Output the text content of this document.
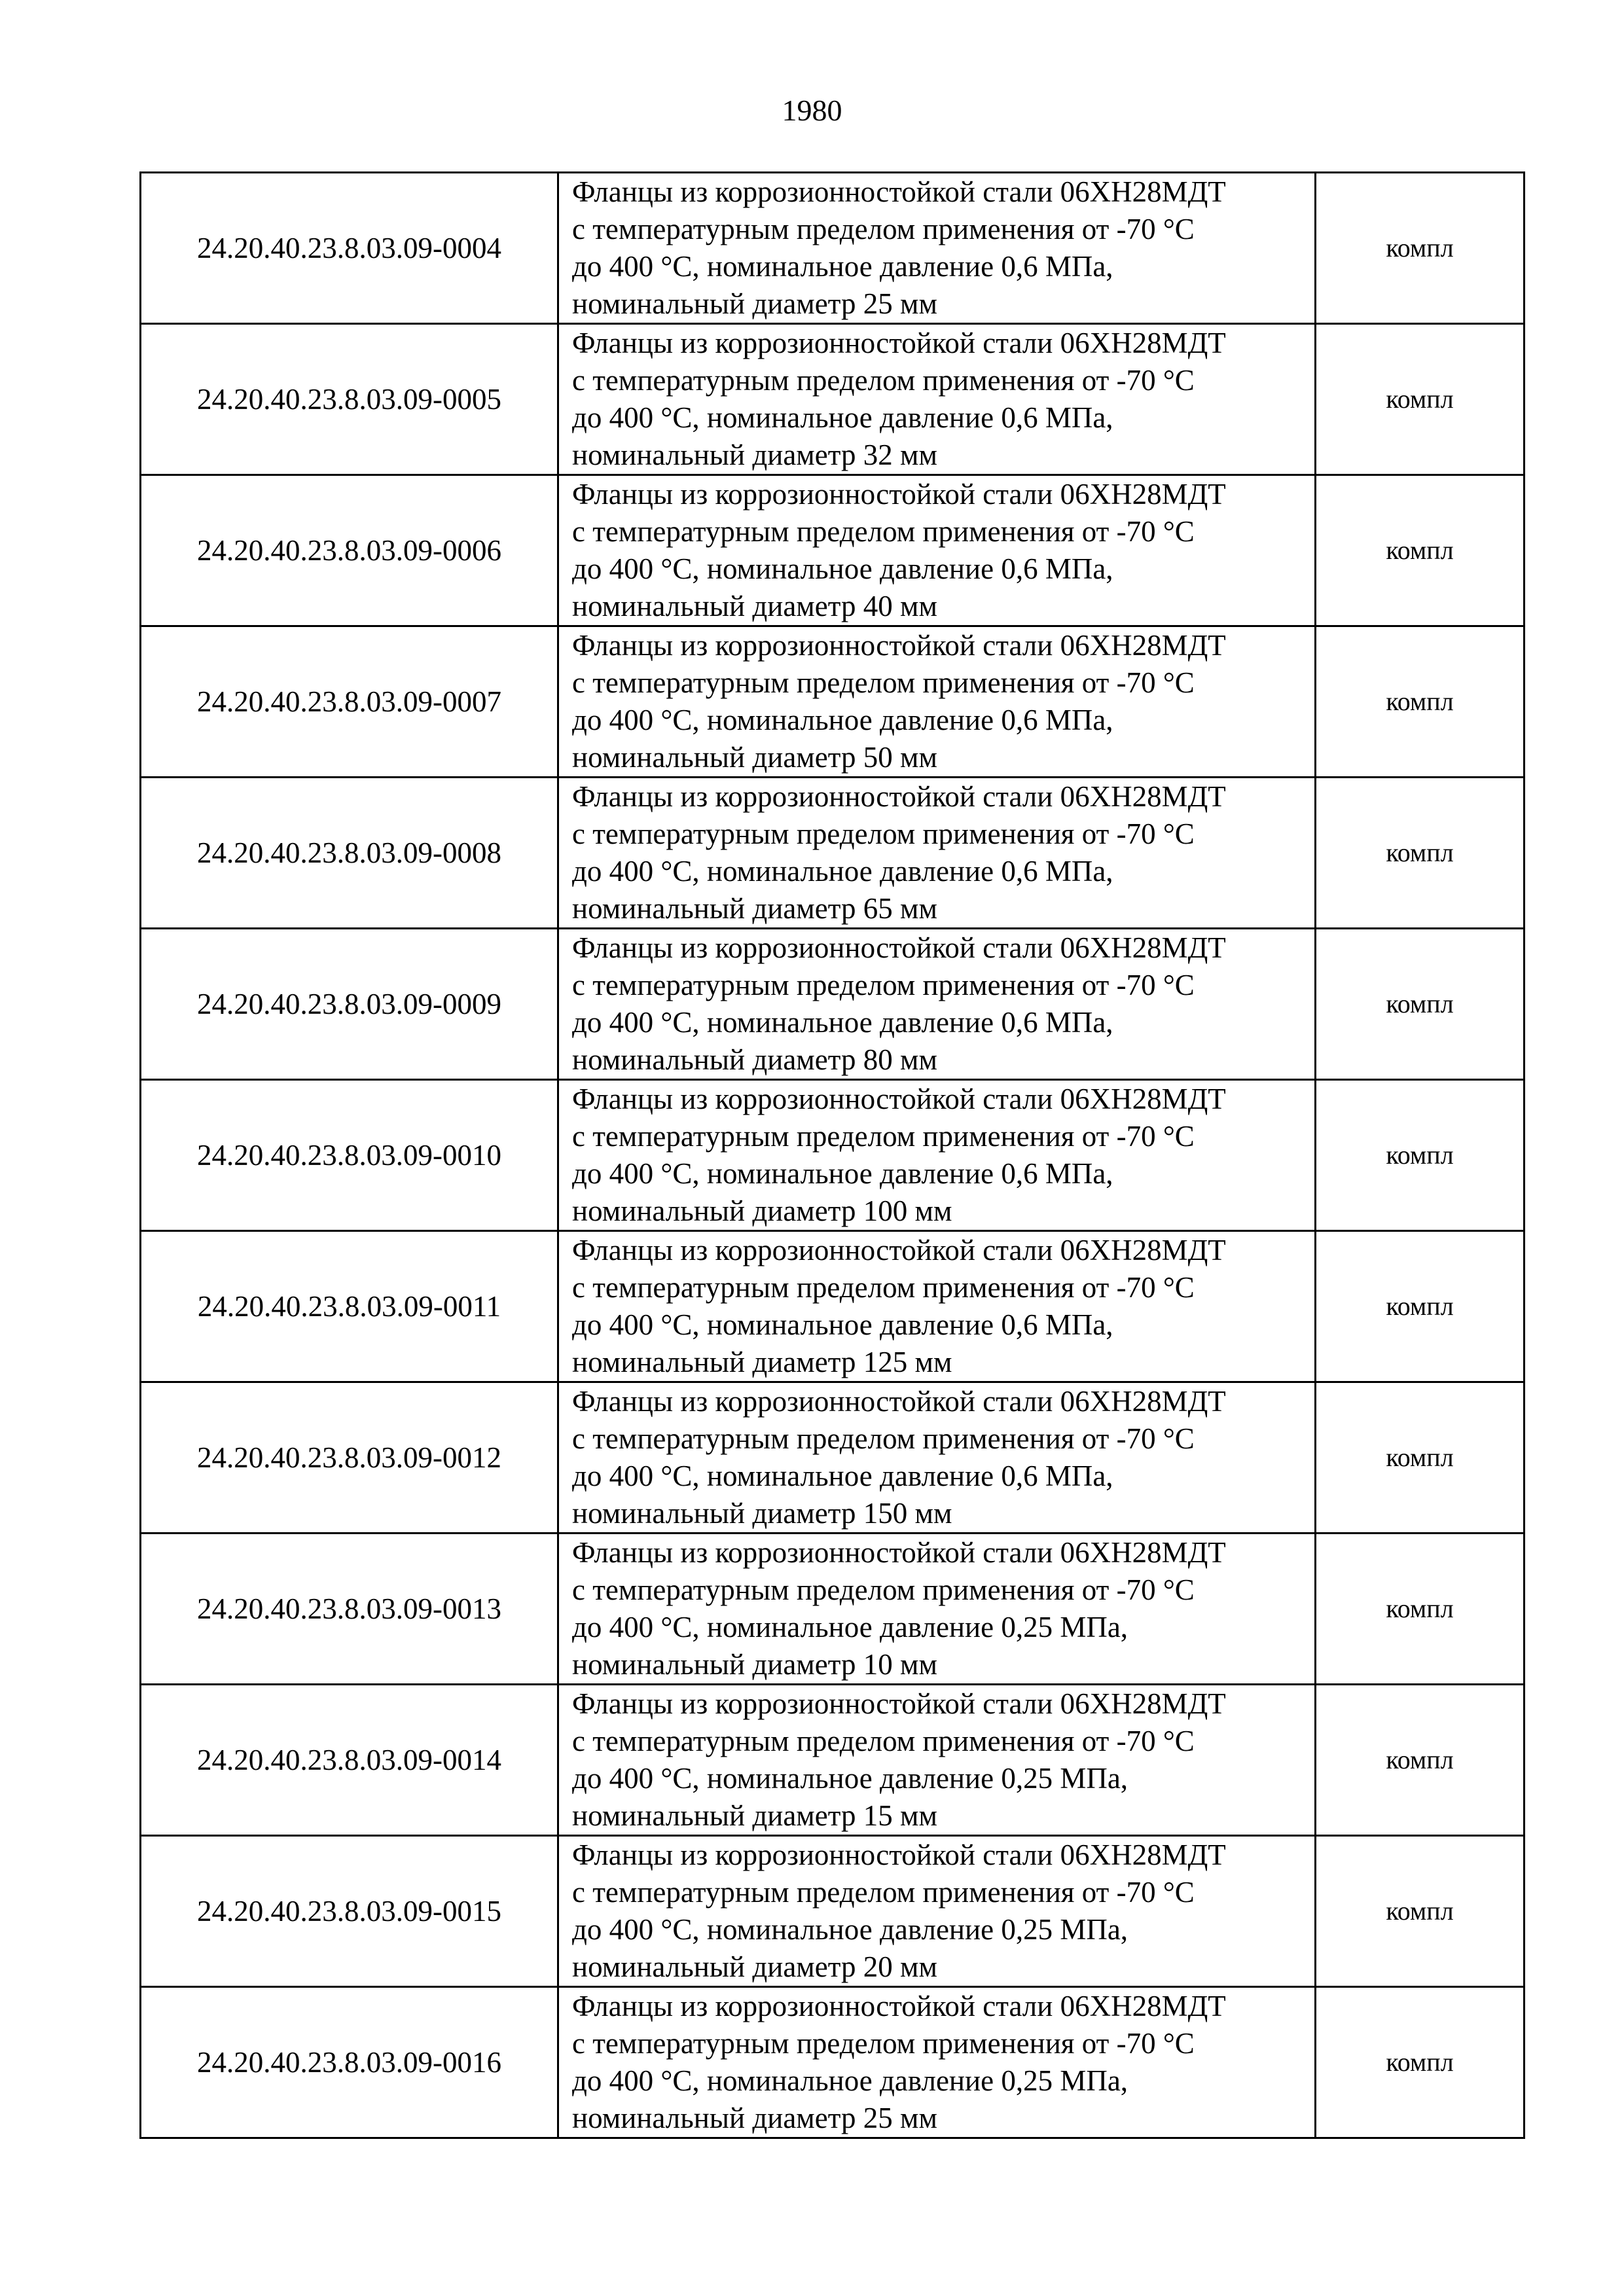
1980
24.20.40.23.8.03.09-0004	Фланцы из коррозионностойкой стали 06ХН28МДТ
с температурным пределом применения от -70 °С
до 400 °С, номинальное давление 0,6 МПа,
номинальный диаметр 25 мм	компл
24.20.40.23.8.03.09-0005	Фланцы из коррозионностойкой стали 06ХН28МДТ
с температурным пределом применения от -70 °С
до 400 °С, номинальное давление 0,6 МПа,
номинальный диаметр 32 мм	компл
24.20.40.23.8.03.09-0006	Фланцы из коррозионностойкой стали 06ХН28МДТ
с температурным пределом применения от -70 °С
до 400 °С, номинальное давление 0,6 МПа,
номинальный диаметр 40 мм	компл
24.20.40.23.8.03.09-0007	Фланцы из коррозионностойкой стали 06ХН28МДТ
с температурным пределом применения от -70 °С
до 400 °С, номинальное давление 0,6 МПа,
номинальный диаметр 50 мм	компл
24.20.40.23.8.03.09-0008	Фланцы из коррозионностойкой стали 06ХН28МДТ
с температурным пределом применения от -70 °С
до 400 °С, номинальное давление 0,6 МПа,
номинальный диаметр 65 мм	компл
24.20.40.23.8.03.09-0009	Фланцы из коррозионностойкой стали 06ХН28МДТ
с температурным пределом применения от -70 °С
до 400 °С, номинальное давление 0,6 МПа,
номинальный диаметр 80 мм	компл
24.20.40.23.8.03.09-0010	Фланцы из коррозионностойкой стали 06ХН28МДТ
с температурным пределом применения от -70 °С
до 400 °С, номинальное давление 0,6 МПа,
номинальный диаметр 100 мм	компл
24.20.40.23.8.03.09-0011	Фланцы из коррозионностойкой стали 06ХН28МДТ
с температурным пределом применения от -70 °С
до 400 °С, номинальное давление 0,6 МПа,
номинальный диаметр 125 мм	компл
24.20.40.23.8.03.09-0012	Фланцы из коррозионностойкой стали 06ХН28МДТ
с температурным пределом применения от -70 °С
до 400 °С, номинальное давление 0,6 МПа,
номинальный диаметр 150 мм	компл
24.20.40.23.8.03.09-0013	Фланцы из коррозионностойкой стали 06ХН28МДТ
с температурным пределом применения от -70 °С
до 400 °С, номинальное давление 0,25 МПа,
номинальный диаметр 10 мм	компл
24.20.40.23.8.03.09-0014	Фланцы из коррозионностойкой стали 06ХН28МДТ
с температурным пределом применения от -70 °С
до 400 °С, номинальное давление 0,25 МПа,
номинальный диаметр 15 мм	компл
24.20.40.23.8.03.09-0015	Фланцы из коррозионностойкой стали 06ХН28МДТ
с температурным пределом применения от -70 °С
до 400 °С, номинальное давление 0,25 МПа,
номинальный диаметр 20 мм	компл
24.20.40.23.8.03.09-0016	Фланцы из коррозионностойкой стали 06ХН28МДТ
с температурным пределом применения от -70 °С
до 400 °С, номинальное давление 0,25 МПа,
номинальный диаметр 25 мм	компл
